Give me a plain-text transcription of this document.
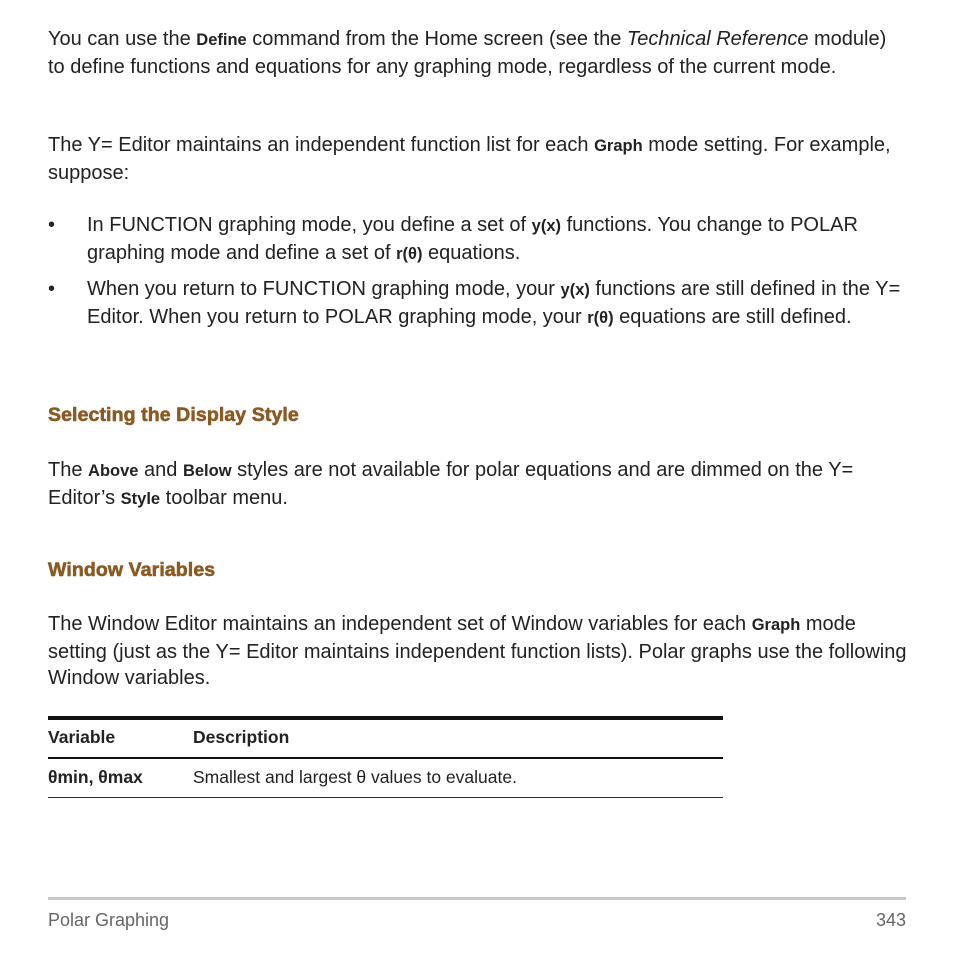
You can use the Define command from the Home screen (see the Technical Reference module) to define functions and equations for any graphing mode, regardless of the current mode.

The Y= Editor maintains an independent function list for each Graph mode setting. For example, suppose:

•	In FUNCTION graphing mode, you define a set of y(x) functions. You change to POLAR graphing mode and define a set of r(θ) equations.
•	When you return to FUNCTION graphing mode, your y(x) functions are still defined in the Y= Editor. When you return to POLAR graphing mode, your r(θ) equations are still defined.
Selecting the Display Style

The Above and Below styles are not available for polar equations and are dimmed on the Y= Editor’s Style toolbar menu.

Window Variables

The Window Editor maintains an independent set of Window variables for each Graph mode setting (just as the Y= Editor maintains independent function lists). Polar graphs use the following Window variables.

Variable	Description
θmin, θmax	Smallest and largest θ values to evaluate.
Polar Graphing	343
